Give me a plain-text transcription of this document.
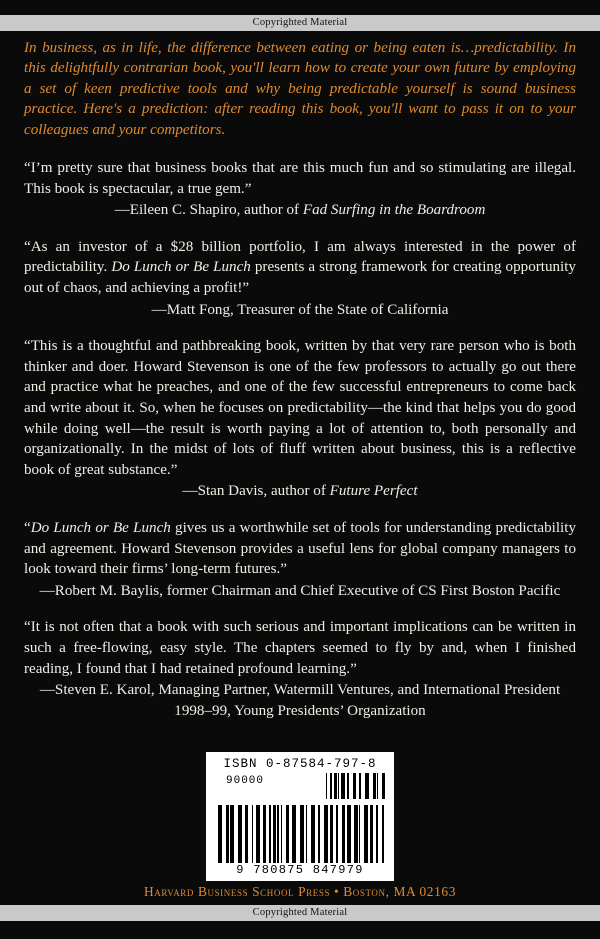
Copyrighted Material
In business, as in life, the difference between eating or being eaten is…predictability. In this delightfully contrarian book, you'll learn how to create your own future by employing a set of keen predictive tools and why being predictable yourself is sound business practice. Here's a prediction: after reading this book, you'll want to pass it on to your colleagues and your competitors.
“I’m pretty sure that business books that are this much fun and so stimulating are illegal. This book is spectacular, a true gem.”
—Eileen C. Shapiro, author of Fad Surfing in the Boardroom
“As an investor of a $28 billion portfolio, I am always interested in the power of predictability. Do Lunch or Be Lunch presents a strong framework for creating opportunity out of chaos, and achieving a profit!”
—Matt Fong, Treasurer of the State of California
“This is a thoughtful and pathbreaking book, written by that very rare person who is both thinker and doer. Howard Stevenson is one of the few professors to actually go out there and practice what he preaches, and one of the few successful entrepreneurs to come back and write about it. So, when he focuses on predictability—the kind that helps you do good while doing well—the result is worth paying a lot of attention to, both personally and organizationally. In the midst of lots of fluff written about business, this is a reflective book of great substance.”
—Stan Davis, author of Future Perfect
“Do Lunch or Be Lunch gives us a worthwhile set of tools for understanding predictability and agreement. Howard Stevenson provides a useful lens for global company managers to look toward their firms’ long-term futures.”
—Robert M. Baylis, former Chairman and Chief Executive of CS First Boston Pacific
“It is not often that a book with such serious and important implications can be written in such a free-flowing, easy style. The chapters seemed to fly by and, when I finished reading, I found that I had retained profound learning.”
—Steven E. Karol, Managing Partner, Watermill Ventures, and International President 1998–99, Young Presidents’ Organization
ISBN 0-87584-797-8
90000
9 780875 847979
Harvard Business School Press • Boston, MA 02163
Copyrighted Material
